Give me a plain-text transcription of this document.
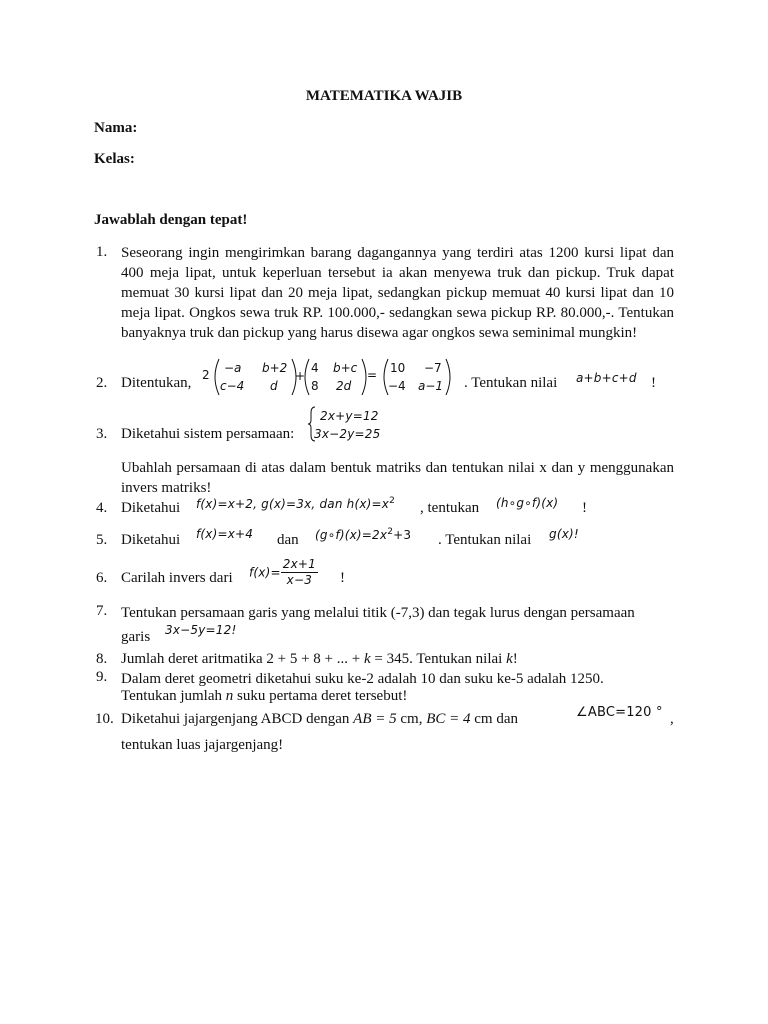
MATEMATIKA WAJIB
Nama:
Kelas:
Jawablah dengan tepat!
1. Seseorang ingin mengirimkan barang dagangannya yang terdiri atas 1200 kursi lipat dan 400 meja lipat, untuk keperluan tersebut ia akan menyewa truk dan pickup. Truk dapat memuat 30 kursi lipat dan 20 meja lipat, sedangkan pickup memuat 40 kursi lipat dan 10 meja lipat. Ongkos sewa truk RP. 100.000,- sedangkan sewa pickup RP. 80.000,-. Tentukan banyaknya truk dan pickup yang harus disewa agar ongkos sewa seminimal mungkin!
2. Ditentukan, 2 −a b+2
c−4 d
+
4 b+c
8 2d
= 10 −7
−4 a−1 . Tentukan nilai a+b+c+d !
3. Diketahui sistem persamaan:
2x+y=12
3x−2y=25
Ubahlah persamaan di atas dalam bentuk matriks dan tentukan nilai x dan y menggunakan invers matriks!
4. Diketahui f(x)=x+2, g(x)=3x, dan $h(x)=x^2$ , tentukan (h∘g∘f)(x) !
5. Diketahui f(x)=x+4 dan $(g\circ f)(x)=2x^2+3$ . Tentukan nilai g(x)!
6. Carilah invers dari $f(x)= \frac{2x+1}{x-3}$ !
7. Tentukan persamaan garis yang melalui titik (-7,3) dan tegak lurus dengan persamaan
garis 3x−5y=12!
8. Jumlah deret aritmatika 2 + 5 + 8 + ... + k = 345. Tentukan nilai k!
9. Dalam deret geometri diketahui suku ke-2 adalah 10 dan suku ke-5 adalah 1250.
Tentukan jumlah n suku pertama deret tersebut!
10. Diketahui jajargenjang ABCD dengan AB = 5 cm, BC = 4 cm dan	∠ABC=120 ° ,
tentukan luas jajargenjang!
